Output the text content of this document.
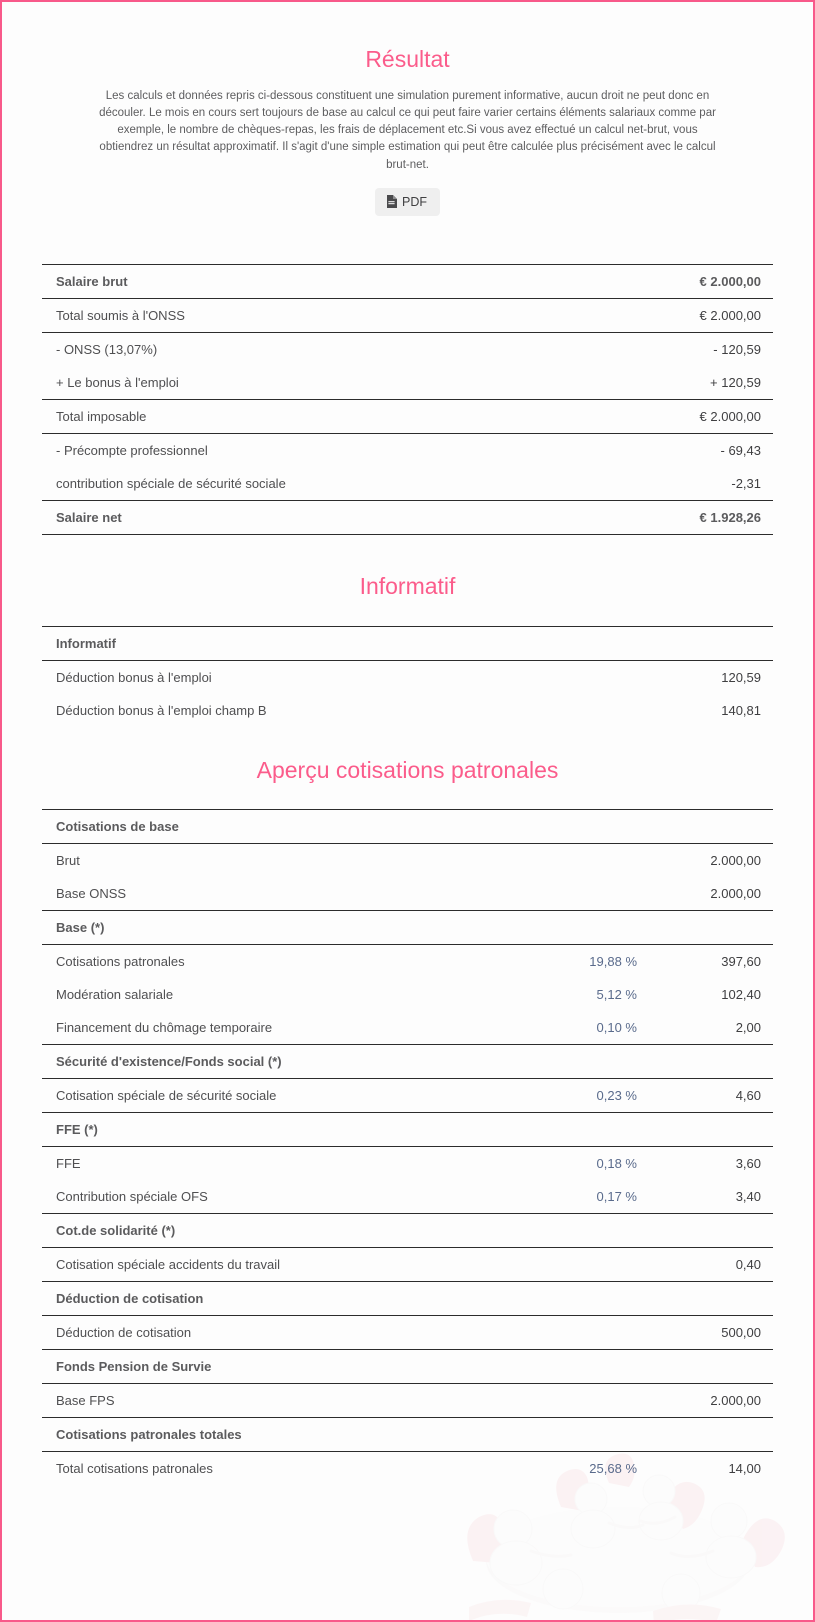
Résultat

Les calculs et données repris ci-dessous constituent une simulation purement informative, aucun droit ne peut donc en découler. Le mois en cours sert toujours de base au calcul ce qui peut faire varier certains éléments salariaux comme par exemple, le nombre de chèques-repas, les frais de déplacement etc.Si vous avez effectué un calcul net-brut, vous obtiendrez un résultat approximatif. Il s'agit d'une simple estimation qui peut être calculée plus précisément avec le calcul brut-net.

PDF
Salaire brut	€ 2.000,00
Total soumis à l'ONSS	€ 2.000,00
- ONSS (13,07%)	- 120,59
+ Le bonus à l'emploi	+ 120,59
Total imposable	€ 2.000,00
- Précompte professionnel	- 69,43
contribution spéciale de sécurité sociale	-2,31
Salaire net	€ 1.928,26
Informatif
Informatif	
Déduction bonus à l'emploi	120,59
Déduction bonus à l'emploi champ B	140,81
Aperçu cotisations patronales
Cotisations de base		
Brut		2.000,00
Base ONSS		2.000,00
Base (*)		
Cotisations patronales	19,88 %	397,60
Modération salariale	5,12 %	102,40
Financement du chômage temporaire	0,10 %	2,00
Sécurité d'existence/Fonds social (*)		
Cotisation spéciale de sécurité sociale	0,23 %	4,60
FFE (*)		
FFE	0,18 %	3,60
Contribution spéciale OFS	0,17 %	3,40
Cot.de solidarité (*)		
Cotisation spéciale accidents du travail		0,40
Déduction de cotisation		
Déduction de cotisation		500,00
Fonds Pension de Survie		
Base FPS		2.000,00
Cotisations patronales totales		
Total cotisations patronales	25,68 %	14,00
